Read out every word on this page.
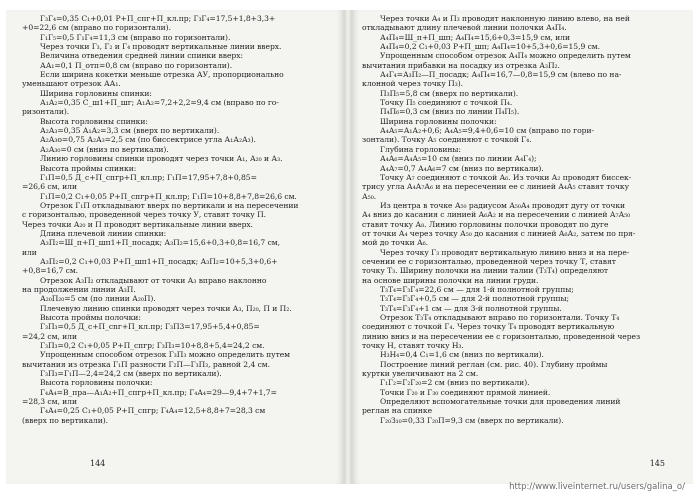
Г₃Г₄=0,35 С₁+0,01 Р+П_спг+П_кл.пр; Г₃Г₄=17,5+1,8+3,3+
+0=22,6 см (вправо по горизонтали).
Г₁Г₅=0,5 Г₁Г₄=11,3 см (вправо по горизонтали).
Через точки Г₃, Г₂ и Г₄ проводят вертикальные линии вверх.
Величина отведения средней линии спинки вверх:
АА₁=0,1 П_отп=0,8 см (вправо по горизонтали).
Если ширина кокетки меньше отрезка АУ, пропорционально
уменьшают отрезок АА₁.
Ширина горловины спинки:
А₁А₂=0,35 С_ш1+П_шг; А₁А₂=7,2+2,2=9,4 см (вправо по го-
ризонтали).
Высота горловины спинки:
А₂А₃=0,35 А₁А₂=3,3 см (вверх по вертикали).
А₂А₃о=0,75 А₂А₃=2,5 см (по биссектрисе угла А₁А₂А₃).
А₂А₃₀=0 см (вниз по вертикали).
Линию горловины спинки проводят через точки А₁, А₂₀ и А₃.
Высота проймы спинки:
Г₁П=0,5 Д_с+П_спгр+П_кл.пр; Г₁П=17,95+7,8+0,85=
=26,6 см, или
Г₁П=0,2 С₁+0,05 Р+П_спгр+П_кл.пр; Г₁П=10+8,8+7,8=26,6 см.
Отрезок Г₁П откладывают вверх по вертикали и на пересечении
с горизонталью, проведенной через точку У, ставят точку П.
Через точки А₂₀ и П проводят вертикальные линии вверх.
Длина плечевой линии спинки:
А₃П₂=Ш_п+П_шп1+П_посадк; А₃П₂=15,6+0,3+0,8=16,7 см,
или
А₃П₂=0,2 С₁+0,03 Р+П_шп1+П_посадк; А₃П₂=10+5,3+0,6+
+0,8=16,7 см.
Отрезок А₃П₂ откладывают от точки А₃ вправо наклонно
на продолжении линии А₃П.
А₂₀П₂₀=5 см (по линии А₂₀П).
Плечевую линию спинки проводят через точки А₃, П₂₀, П и П₂.
Высота проймы полочки:
Г₃П₃=0,5 Д_с+П_сnг+П_кл.пр; Г₃П3=17,95+5,4+0,85=
=24,2 см, или
Г₃П₃=0,2 С₁+0,05 Р+П_спгр; Г₃П₃=10+8,8+5,4=24,2 см.
Упрощенным способом отрезок Г₃П₃ можно определить путем
вычитания из отрезка Г₁П разности Г₂П—Г₃П₃, равной 2,4 см.
Г₃П₃=Г₁П—2,4=24,2 см (вверх по вертикали).
Высота горловины полочки:
Г₄А₄=В_пра—А₁А₂+П_спгр+П_кл.пр; Г₄А₄=29—9,4+7+1,7=
=28,3 см, или
Г₄А₄=0,25 С₁+0,05 Р+П_спгр; Г₄А₄=12,5+8,8+7=28,3 см
(вверх по вертикали).
144
Через точки А₄ и П₃ проводят наклонную линию влево, на ней
откладывают длину плечевой линии полочки А₄П₄.
А₄П₄=Ш_п+П_шп; А₄П₄=15,6+0,3=15,9 см, или
А₄П₄=0,2 С₁+0,03 Р+П_шп; А₄П₄=10+5,3+0,6=15,9 см.
Упрощенным способом отрезок А₄П₄ можно определить путем
вычитания прибавки на посадку из отрезка А₃П₂.
А₄Г₄=А₃П₂—П_посадк; А₄П₄=16,7—0,8=15,9 см (влево по на-
клонной через точку П₃).
П₃П₅=5,8 см (вверх по вертикали).
Точку П₅ соединяют с точкой П₄.
П₄П₆=0,3 см (вниз по линии П₄П₅).
Ширина горловины полочки:
А₄А₅=А₁А₂+0,6; А₄А₅=9,4+0,6=10 см (вправо по гори-
зонтали). Точку А₅ соединяют с точкой Г₄.
Глубина горловины:
А₄А₆=А₄А₅=10 см (вниз по линии А₄Г₄);
А₄А₇=0,7 А₄А₆=7 см (вниз по вертикали).
Точку А₇ соединяют с точкой А₆. Из точки А₂ проводят биссек-
трису угла А₄А₇А₆ и на пересечении ее с линией А₄А₅ ставят точку
А₅₀.
Из центра в точке А₅₀ радиусом А₅₀А₄ проводят дугу от точки
А₄ вниз до касания с линией А₆А₂ и на пересечении с линией А₇А₅₀
ставят точку А₈. Линию горловины полочки проводят по дуге
от точки А₄ через точку А₅₀ до касания с линией А₆А₂, затем по пря-
мой до точки А₆.
Через точку Г₃ проводят вертикальную линию вниз и на пере-
сечении ее с горизонталью, проведенной через точку Т, ставят
точку Т₃. Ширину полочки на линии талии (Т₃Т₄) определяют
на основе ширины полочки на линии груди.
Т₃Т₄=Г₃Г₄=22,6 см — для 1-й полнотной группы;
Т₃Т₄=Г₃Г₄+0,5 см — для 2-й полнотной группы;
Т₃Т₄=Г₃Г₄+1 см — для 3-й полнотной группы.
Отрезок Т₃Т₄ откладывают вправо по горизонтали. Точку Т₄
соединяют с точкой Г₄. Через точку Т₄ проводят вертикальную
линию вниз и на пересечении ее с горизонталью, проведенной через
точку Н, ставят точку Н₃.
Н₃Н₄=0,4 С₁=1,6 см (вниз по вертикали).
Построение линий реглан (см. рис. 40). Глубину проймы
куртки увеличивают на 2 см.
Г₁Г₂=Г₂Г₂₀=2 см (вниз по вертикали).
Точки Г₂₀ и Г₃₀ соединяют прямой линией.
Определяют вспомогательные точки для проведения линий
реглан на спинке
Г₂₀З₁₀=0,33 Г₂₀П=9,3 см (вверх по вертикали).
145
http://www.liveinternet.ru/users/galina_o/
